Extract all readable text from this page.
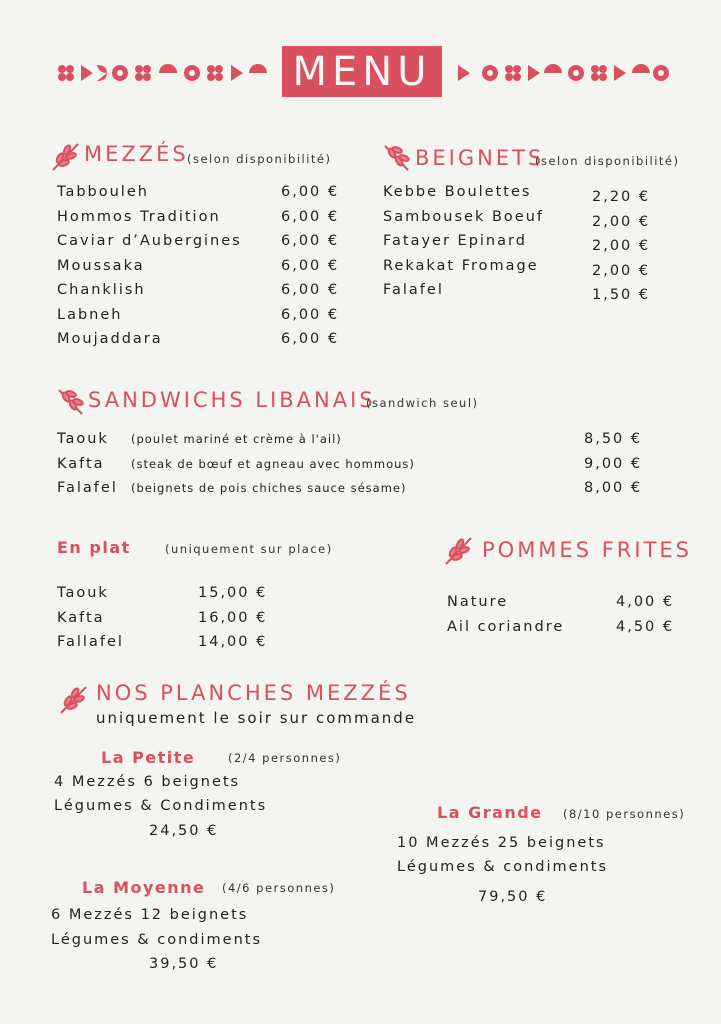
MENU
MEZZÉS
(selon disponibilité)
Tabbouleh
Hommos Tradition
Caviar d’Aubergines
Moussaka
Chanklish
Labneh
Moujaddara
6,00 €
6,00 €
6,00 €
6,00 €
6,00 €
6,00 €
6,00 €
BEIGNETS
(selon disponibilité)
Kebbe Boulettes
Sambousek Boeuf
Fatayer Epinard
Rekakat Fromage
Falafel
2,20 €
2,00 €
2,00 €
2,00 €
1,50 €
SANDWICHS LIBANAIS
(sandwich seul)
Taouk
Kafta
Falafel
(poulet mariné et crème à l'ail)
(steak de bœuf et agneau avec hommous)
(beignets de pois chiches sauce sésame)
8,50 €
9,00 €
8,00 €
En plat	(uniquement sur place)
Taouk
Kafta
Fallafel
15,00 €
16,00 €
14,00 €
POMMES FRITES
Nature
Ail coriandre
4,00 €
4,50 €
NOS PLANCHES MEZZÉS
uniquement le soir sur commande
La Petite	(2/4 personnes)
4 Mezzés 6 beignets
Légumes & Condiments
24,50 €
La Grande (8/10 personnes)
10 Mezzés 25 beignets
Légumes & condiments
79,50 €
La Moyenne (4/6 personnes)
6 Mezzés 12 beignets
Légumes & condiments
39,50 €
